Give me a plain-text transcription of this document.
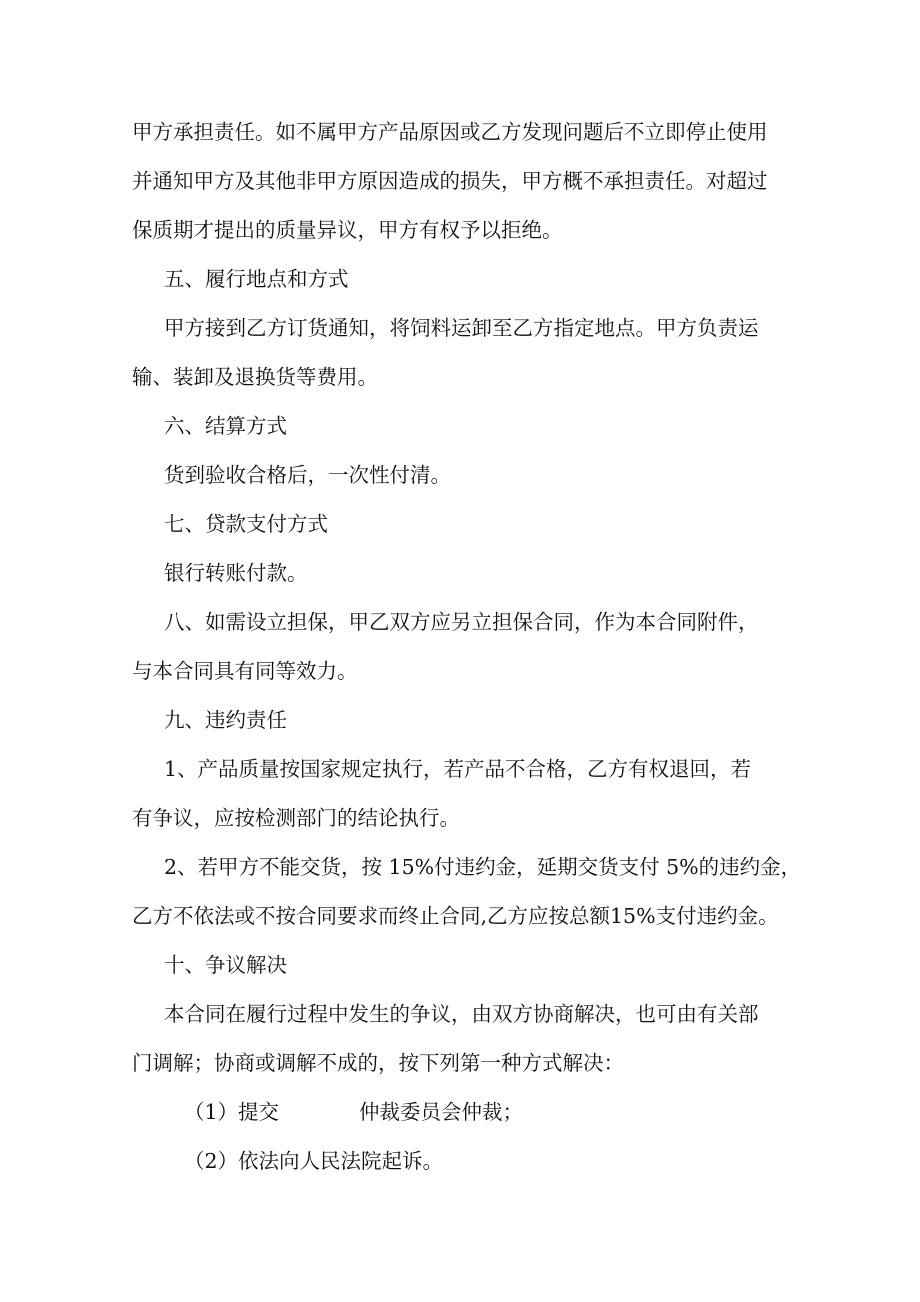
甲方承担责任。如不属甲方产品原因或乙方发现问题后不立即停止使用
并通知甲方及其他非甲方原因造成的损失，甲方概不承担责任。对超过
保质期才提出的质量异议，甲方有权予以拒绝。
五、履行地点和方式
甲方接到乙方订货通知，将饲料运卸至乙方指定地点。甲方负责运
输、装卸及退换货等费用。
六、结算方式
货到验收合格后，一次性付清。
七、贷款支付方式
银行转账付款。
八、如需设立担保，甲乙双方应另立担保合同，作为本合同附件，
与本合同具有同等效力。
九、违约责任
1、产品质量按国家规定执行，若产品不合格，乙方有权退回，若
有争议，应按检测部门的结论执行。
2、若甲方不能交货，按 15%付违约金，延期交货支付 5%的违约金，
乙方不依法或不按合同要求而终止合同,乙方应按总额15%支付违约金。
十、争议解决
本合同在履行过程中发生的争议，由双方协商解决，也可由有关部
门调解；协商或调解不成的，按下列第一种方式解决：
（1）提交	仲裁委员会仲裁；
（2）依法向人民法院起诉。
